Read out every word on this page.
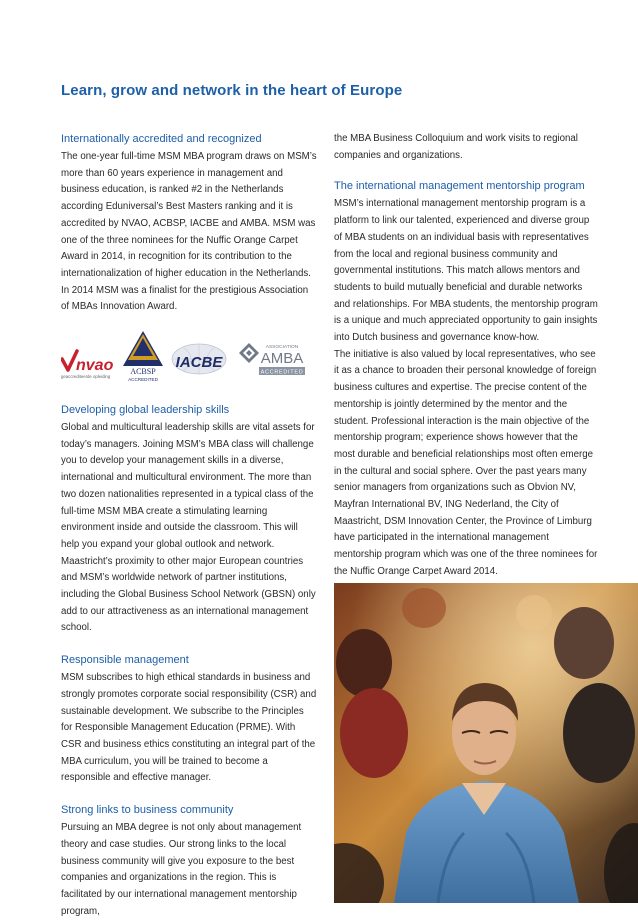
Learn, grow and network in the heart of Europe
Internationally accredited and recognized

The one-year full-time MSM MBA program draws on MSM’s more than 60 years experience in management and business education, is ranked #2 in the Netherlands according Eduniversal’s Best Masters ranking and it is accredited by NVAO, ACBSP, IACBE and AMBA. MSM was one of the three nominees for the Nuffic Orange Carpet Award in 2014, in recognition for its contribution to the internationalization of higher education in the Netherlands.

In 2014 MSM was a finalist for the prestigious Association of MBAs Innovation Award.

nvao
geaccrediteerde opleiding
ACBSP
ACCREDITED
IACBE
ASSOCIATION
AMBA
ACCREDITED
Developing global leadership skills

Global and multicultural leadership skills are vital assets for today’s managers. Joining MSM’s MBA class will challenge you to develop your management skills in a diverse, international and multicultural environment. The more than two dozen nationalities represented in a typical class of the full-time MSM MBA create a stimulating learning environment inside and outside the classroom. This will help you expand your global outlook and network. Maastricht’s proximity to other major European countries and MSM’s worldwide network of partner institutions, including the Global Business School Network (GBSN) only add to our attractiveness as an international management school.

Responsible management

MSM subscribes to high ethical standards in business and strongly promotes corporate social responsibility (CSR) and sustainable development. We subscribe to the Principles for Responsible Management Education (PRME). With CSR and business ethics constituting an integral part of the MBA curriculum, you will be trained to become a responsible and effective manager.

Strong links to business community

Pursuing an MBA degree is not only about management theory and case studies. Our strong links to the local business community will give you exposure to the best companies and organizations in the region. This is facilitated by our international management mentorship program,

the MBA Business Colloquium and work visits to regional companies and organizations.

The international management mentorship program

MSM’s international management mentorship program is a platform to link our talented, experienced and diverse group of MBA students on an individual basis with representatives from the local and regional business community and governmental institutions. This match allows mentors and students to build mutually beneficial and durable networks and relationships. For MBA students, the mentorship program is a unique and much appreciated opportunity to gain insights into Dutch business and governance know-how.

The initiative is also valued by local representatives, who see it as a chance to broaden their personal knowledge of foreign business cultures and expertise. The precise content of the mentorship is jointly determined by the mentor and the student. Professional interaction is the main objective of the mentorship program; experience shows however that the most durable and beneficial relationships most often emerge in the cultural and social sphere. Over the past years many senior managers from organizations such as Obvion NV, Mayfran International BV, ING Nederland, the City of Maastricht, DSM Innovation Center, the Province of Limburg have participated in the international management mentorship program which was one of the three nominees for the Nuffic Orange Carpet Award 2014.
